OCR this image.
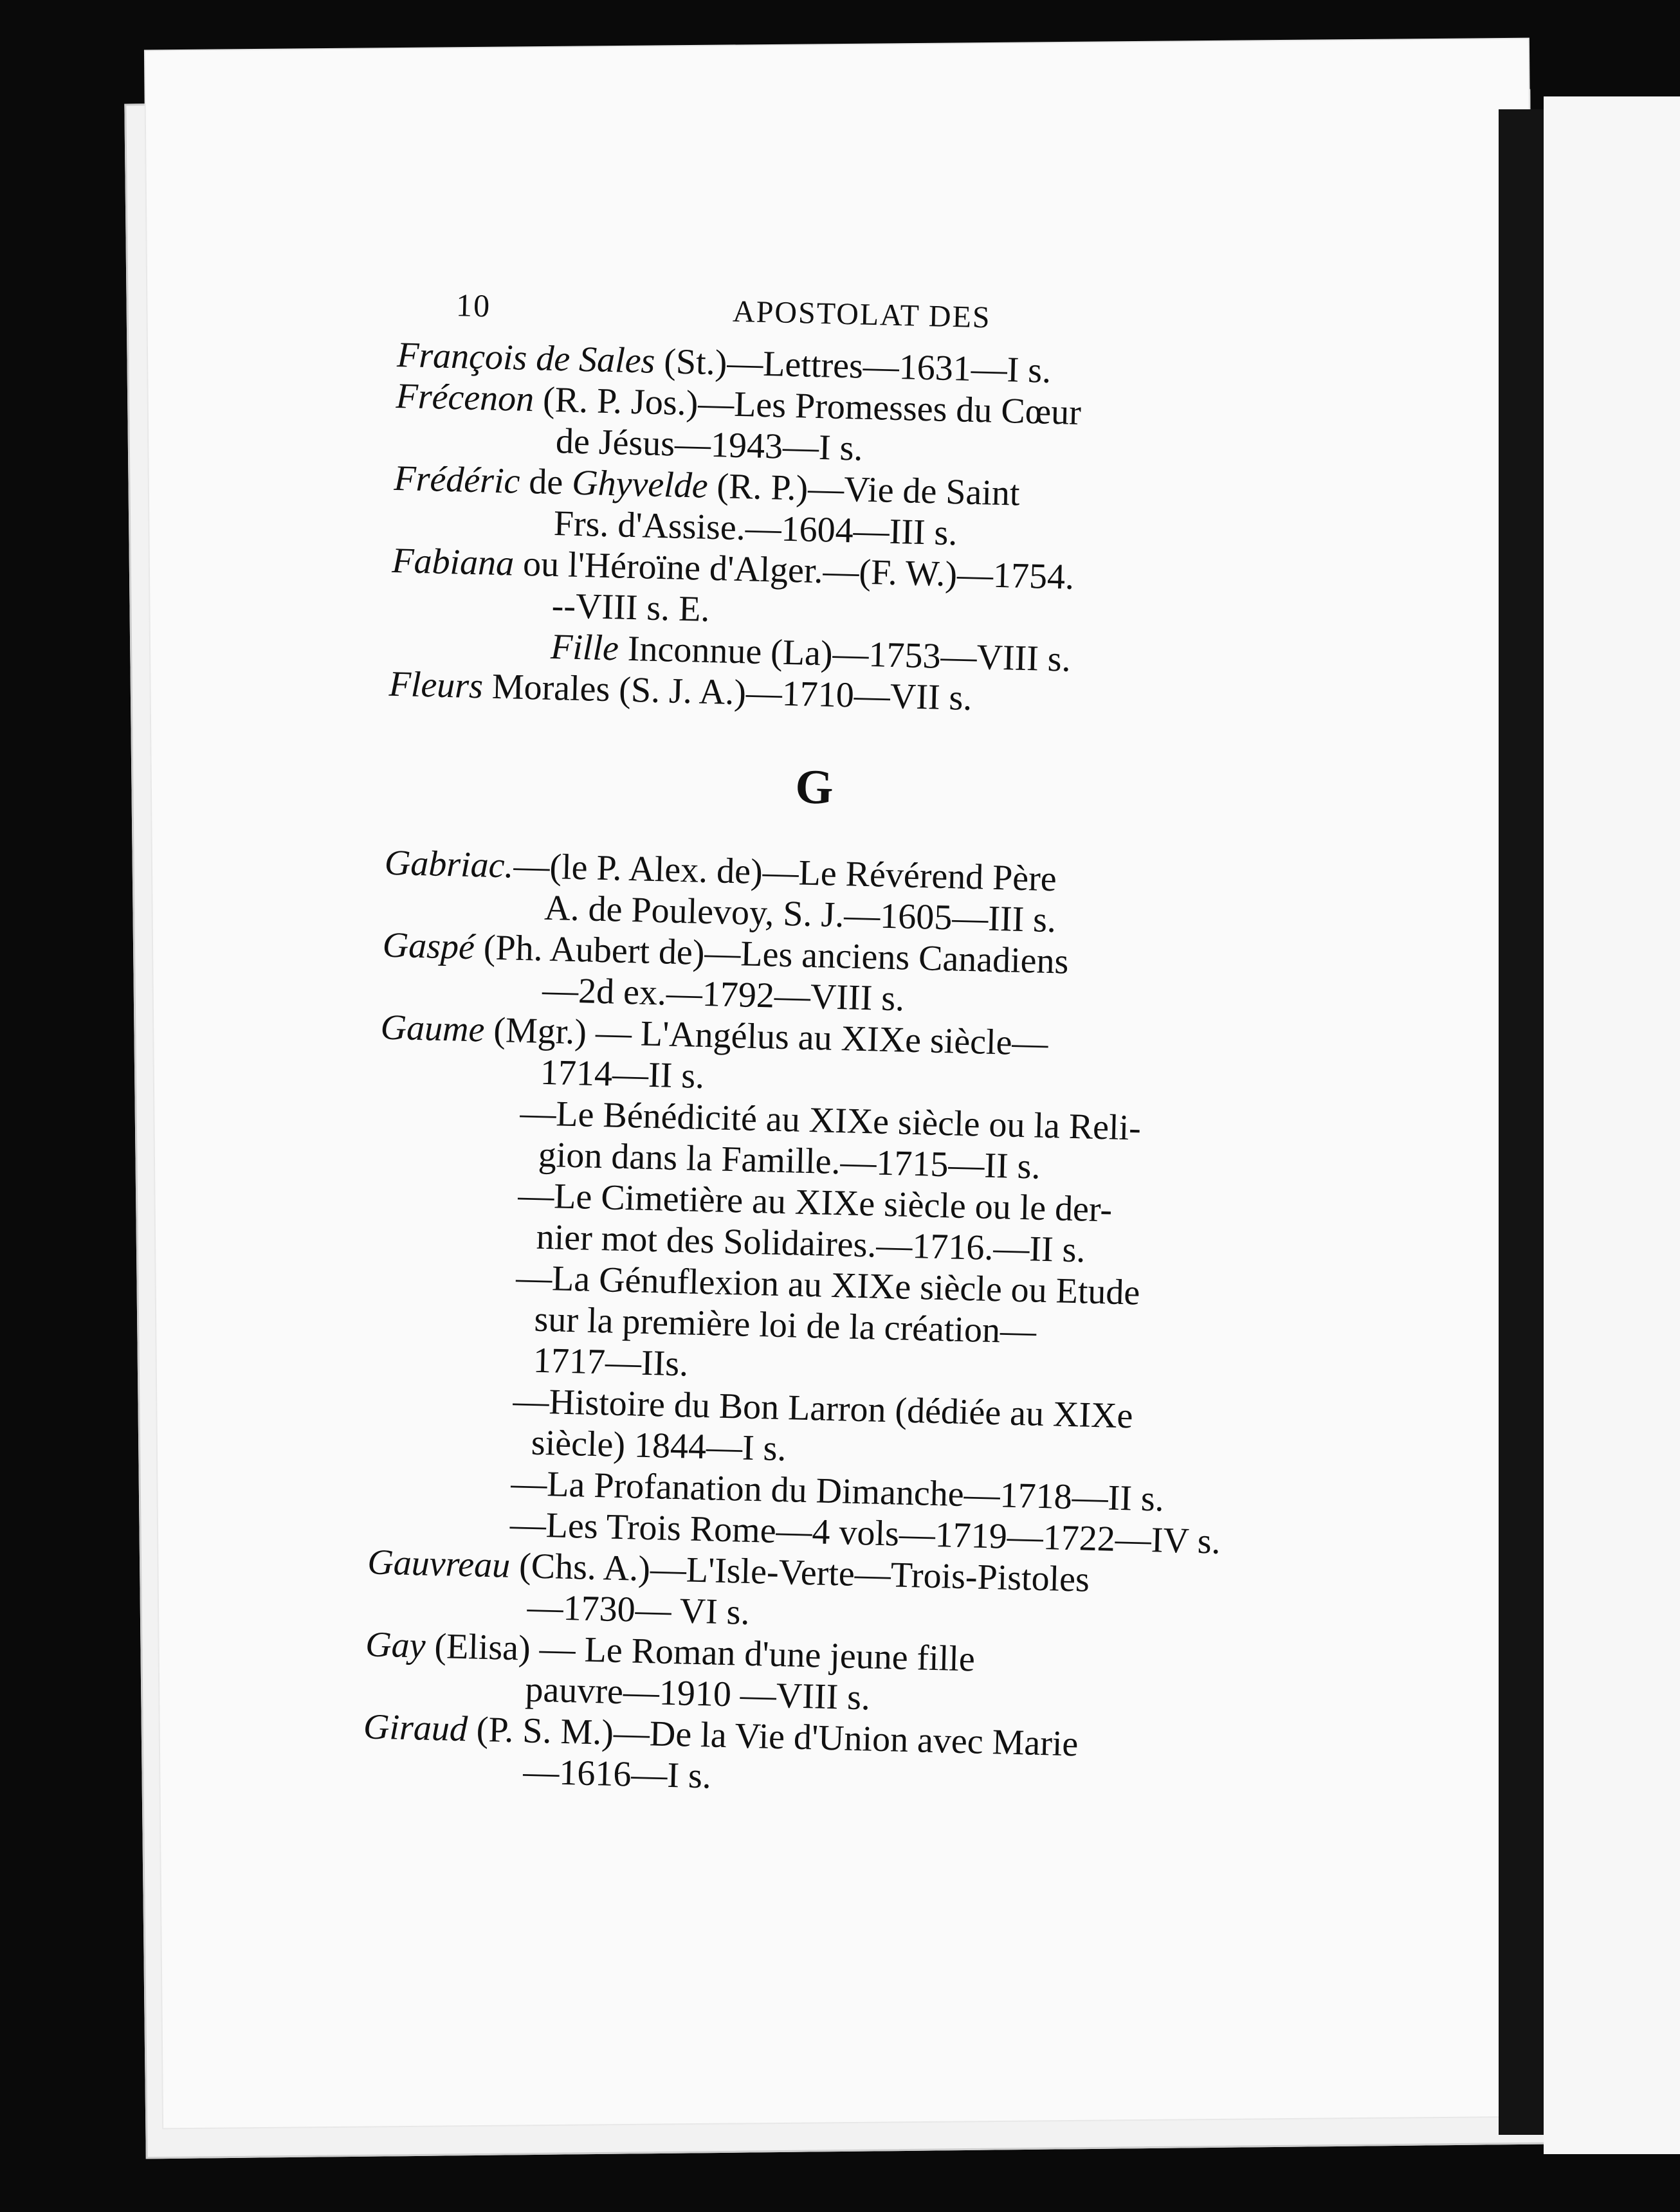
10	APOSTOLAT DES
François de Sales (St.)—Lettres—1631—I s.
Frécenon (R. P. Jos.)—Les Promesses du Cœur
de Jésus—1943—I s.
Frédéric de Ghyvelde (R. P.)—Vie de Saint
Frs. d'Assise.—1604—III s.
Fabiana ou l'Héroïne d'Alger.—(F. W.)—1754.
--VIII s. E.
Fille Inconnue (La)—1753—VIII s.
Fleurs Morales (S. J. A.)—1710—VII s.
G
Gabriac.—(le P. Alex. de)—Le Révérend Père
A. de Poulevoy, S. J.—1605—III s.
Gaspé (Ph. Aubert de)—Les anciens Canadiens
—2d ex.—1792—VIII s.
Gaume (Mgr.) — L'Angélus au XIXe siècle—
1714—II s.
—Le Bénédicité au XIXe siècle ou la Reli-
gion dans la Famille.—1715—II s.
—Le Cimetière au XIXe siècle ou le der-
nier mot des Solidaires.—1716.—II s.
—La Génuflexion au XIXe siècle ou Etude
sur la première loi de la création—
1717—IIs.
—Histoire du Bon Larron (dédiée au XIXe
siècle) 1844—I s.
—La Profanation du Dimanche—1718—II s.
—Les Trois Rome—4 vols—1719—1722—IV s.
Gauvreau (Chs. A.)—L'Isle-Verte—Trois-Pistoles
—1730— VI s.
Gay (Elisa) — Le Roman d'une jeune fille
pauvre—1910 —VIII s.
Giraud (P. S. M.)—De la Vie d'Union avec Marie
—1616—I s.
